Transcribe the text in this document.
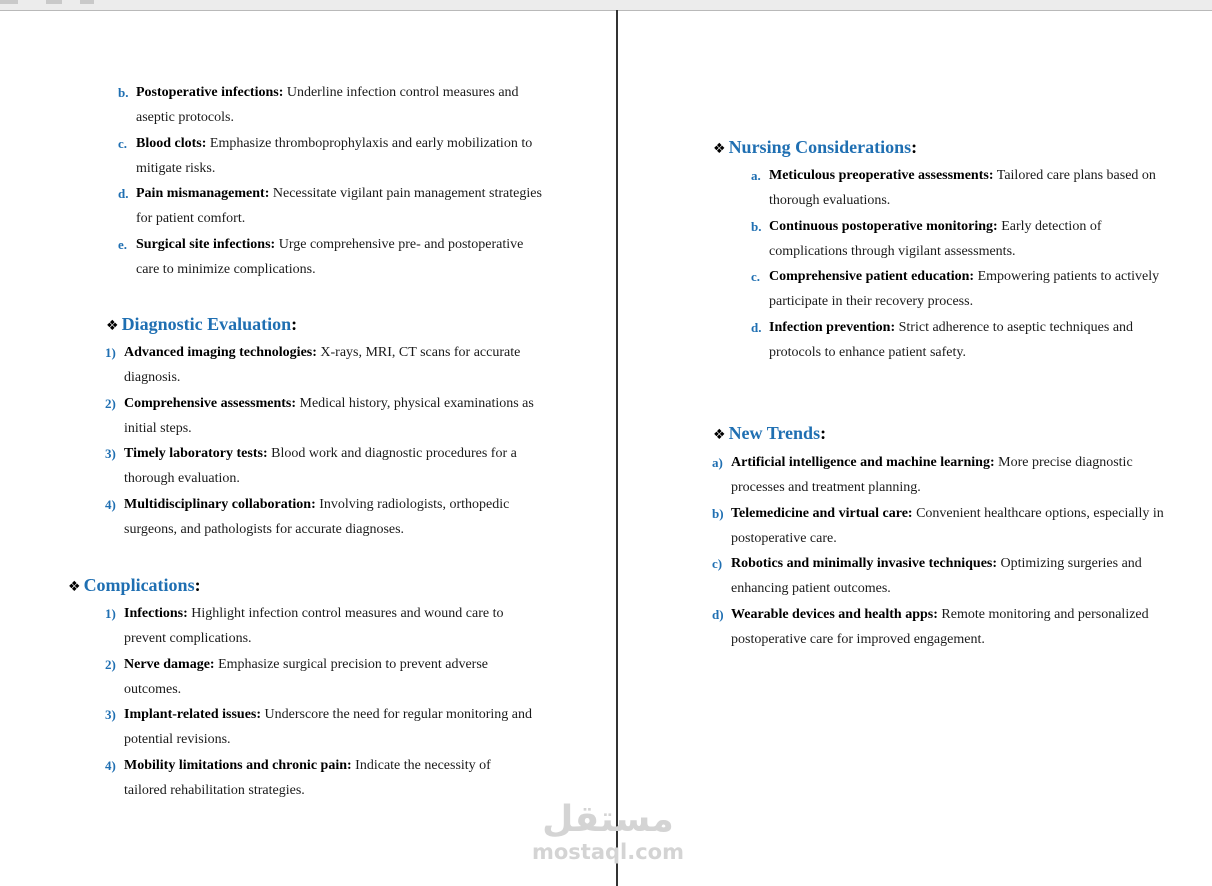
b. Postoperative infections: Underline infection control measures and aseptic protocols.
c. Blood clots: Emphasize thromboprophylaxis and early mobilization to mitigate risks.
d. Pain mismanagement: Necessitate vigilant pain management strategies for patient comfort.
e. Surgical site infections: Urge comprehensive pre- and postoperative care to minimize complications.
❖ Diagnostic Evaluation:
1) Advanced imaging technologies: X-rays, MRI, CT scans for accurate diagnosis.
2) Comprehensive assessments: Medical history, physical examinations as initial steps.
3) Timely laboratory tests: Blood work and diagnostic procedures for a thorough evaluation.
4) Multidisciplinary collaboration: Involving radiologists, orthopedic surgeons, and pathologists for accurate diagnoses.
❖ Complications:
1) Infections: Highlight infection control measures and wound care to prevent complications.
2) Nerve damage: Emphasize surgical precision to prevent adverse outcomes.
3) Implant-related issues: Underscore the need for regular monitoring and potential revisions.
4) Mobility limitations and chronic pain: Indicate the necessity of tailored rehabilitation strategies.
❖ Nursing Considerations:
a. Meticulous preoperative assessments: Tailored care plans based on thorough evaluations.
b. Continuous postoperative monitoring: Early detection of complications through vigilant assessments.
c. Comprehensive patient education: Empowering patients to actively participate in their recovery process.
d. Infection prevention: Strict adherence to aseptic techniques and protocols to enhance patient safety.
❖ New Trends:
a) Artificial intelligence and machine learning: More precise diagnostic processes and treatment planning.
b) Telemedicine and virtual care: Convenient healthcare options, especially in postoperative care.
c) Robotics and minimally invasive techniques: Optimizing surgeries and enhancing patient outcomes.
d) Wearable devices and health apps: Remote monitoring and personalized postoperative care for improved engagement.
مستقل
mostaql.com
